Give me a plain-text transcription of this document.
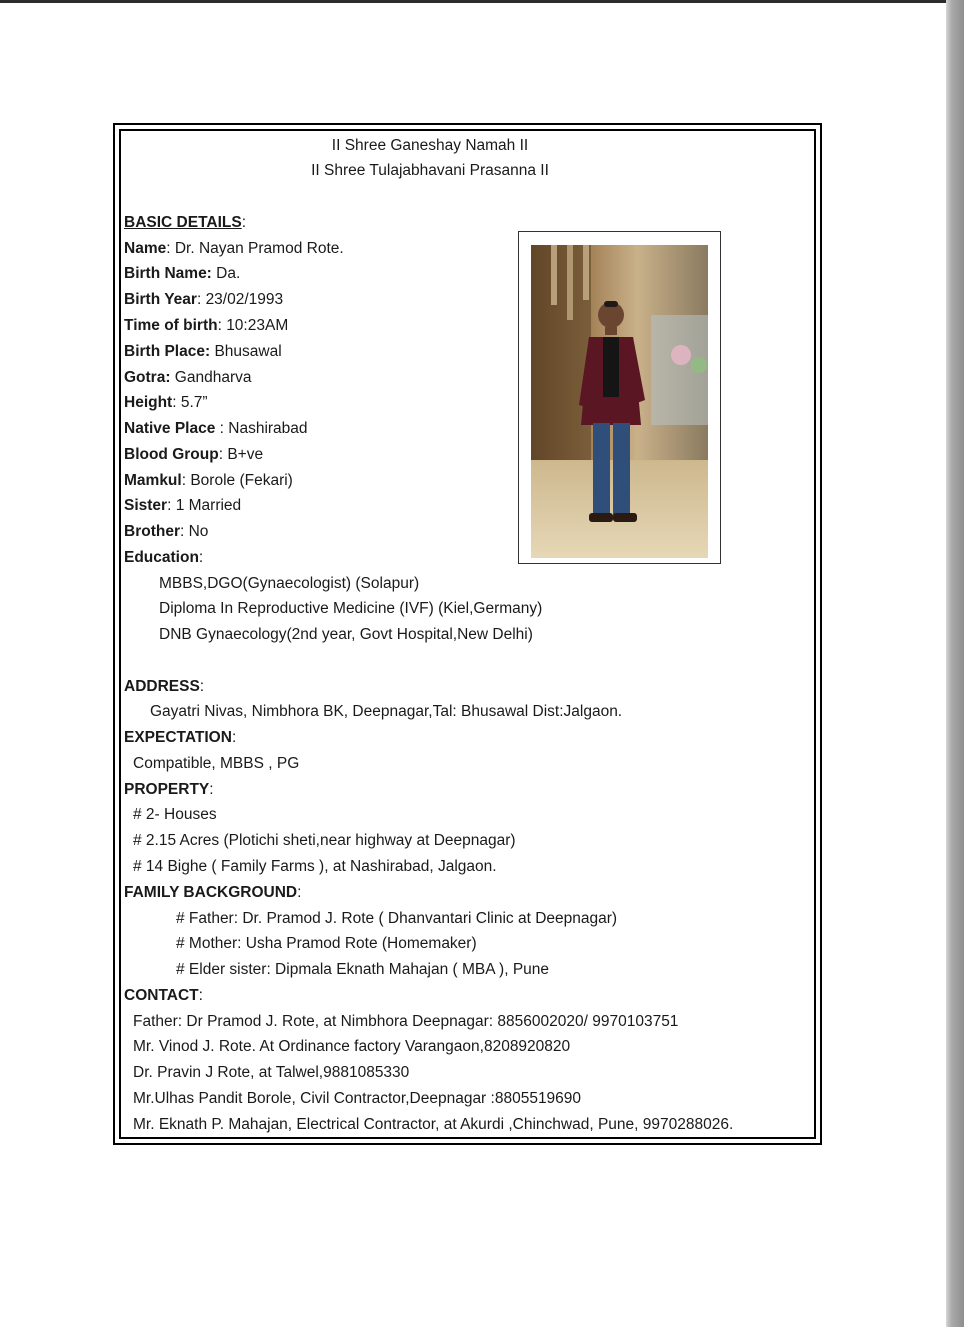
II Shree Ganeshay Namah II
II Shree Tulajabhavani Prasanna II
BASIC DETAILS:
Name: Dr. Nayan Pramod Rote.
Birth Name: Da.
Birth Year: 23/02/1993
Time of birth: 10:23AM
Birth Place: Bhusawal
Gotra: Gandharva
Height: 5.7”
Native Place : Nashirabad
Blood Group: B+ve
Mamkul: Borole (Fekari)
Sister: 1 Married
Brother: No
Education:
MBBS,DGO(Gynaecologist) (Solapur)
Diploma In Reproductive Medicine (IVF) (Kiel,Germany)
DNB Gynaecology(2nd year, Govt Hospital,New Delhi)
ADDRESS:
Gayatri Nivas, Nimbhora BK, Deepnagar,Tal: Bhusawal Dist:Jalgaon.
EXPECTATION:
Compatible, MBBS , PG
PROPERTY:
# 2- Houses
# 2.15 Acres (Plotichi sheti,near highway at Deepnagar)
# 14 Bighe ( Family Farms ), at Nashirabad, Jalgaon.
FAMILY BACKGROUND:
# Father: Dr. Pramod J. Rote ( Dhanvantari Clinic at Deepnagar)
# Mother: Usha Pramod Rote (Homemaker)
# Elder sister: Dipmala Eknath Mahajan ( MBA ), Pune
CONTACT:
Father: Dr Pramod J. Rote, at Nimbhora Deepnagar: 8856002020/ 9970103751
Mr. Vinod J. Rote. At Ordinance factory Varangaon,8208920820
Dr. Pravin J Rote, at Talwel,9881085330
Mr.Ulhas Pandit Borole, Civil Contractor,Deepnagar :8805519690
Mr. Eknath P. Mahajan, Electrical Contractor, at Akurdi ,Chinchwad, Pune, 9970288026.
